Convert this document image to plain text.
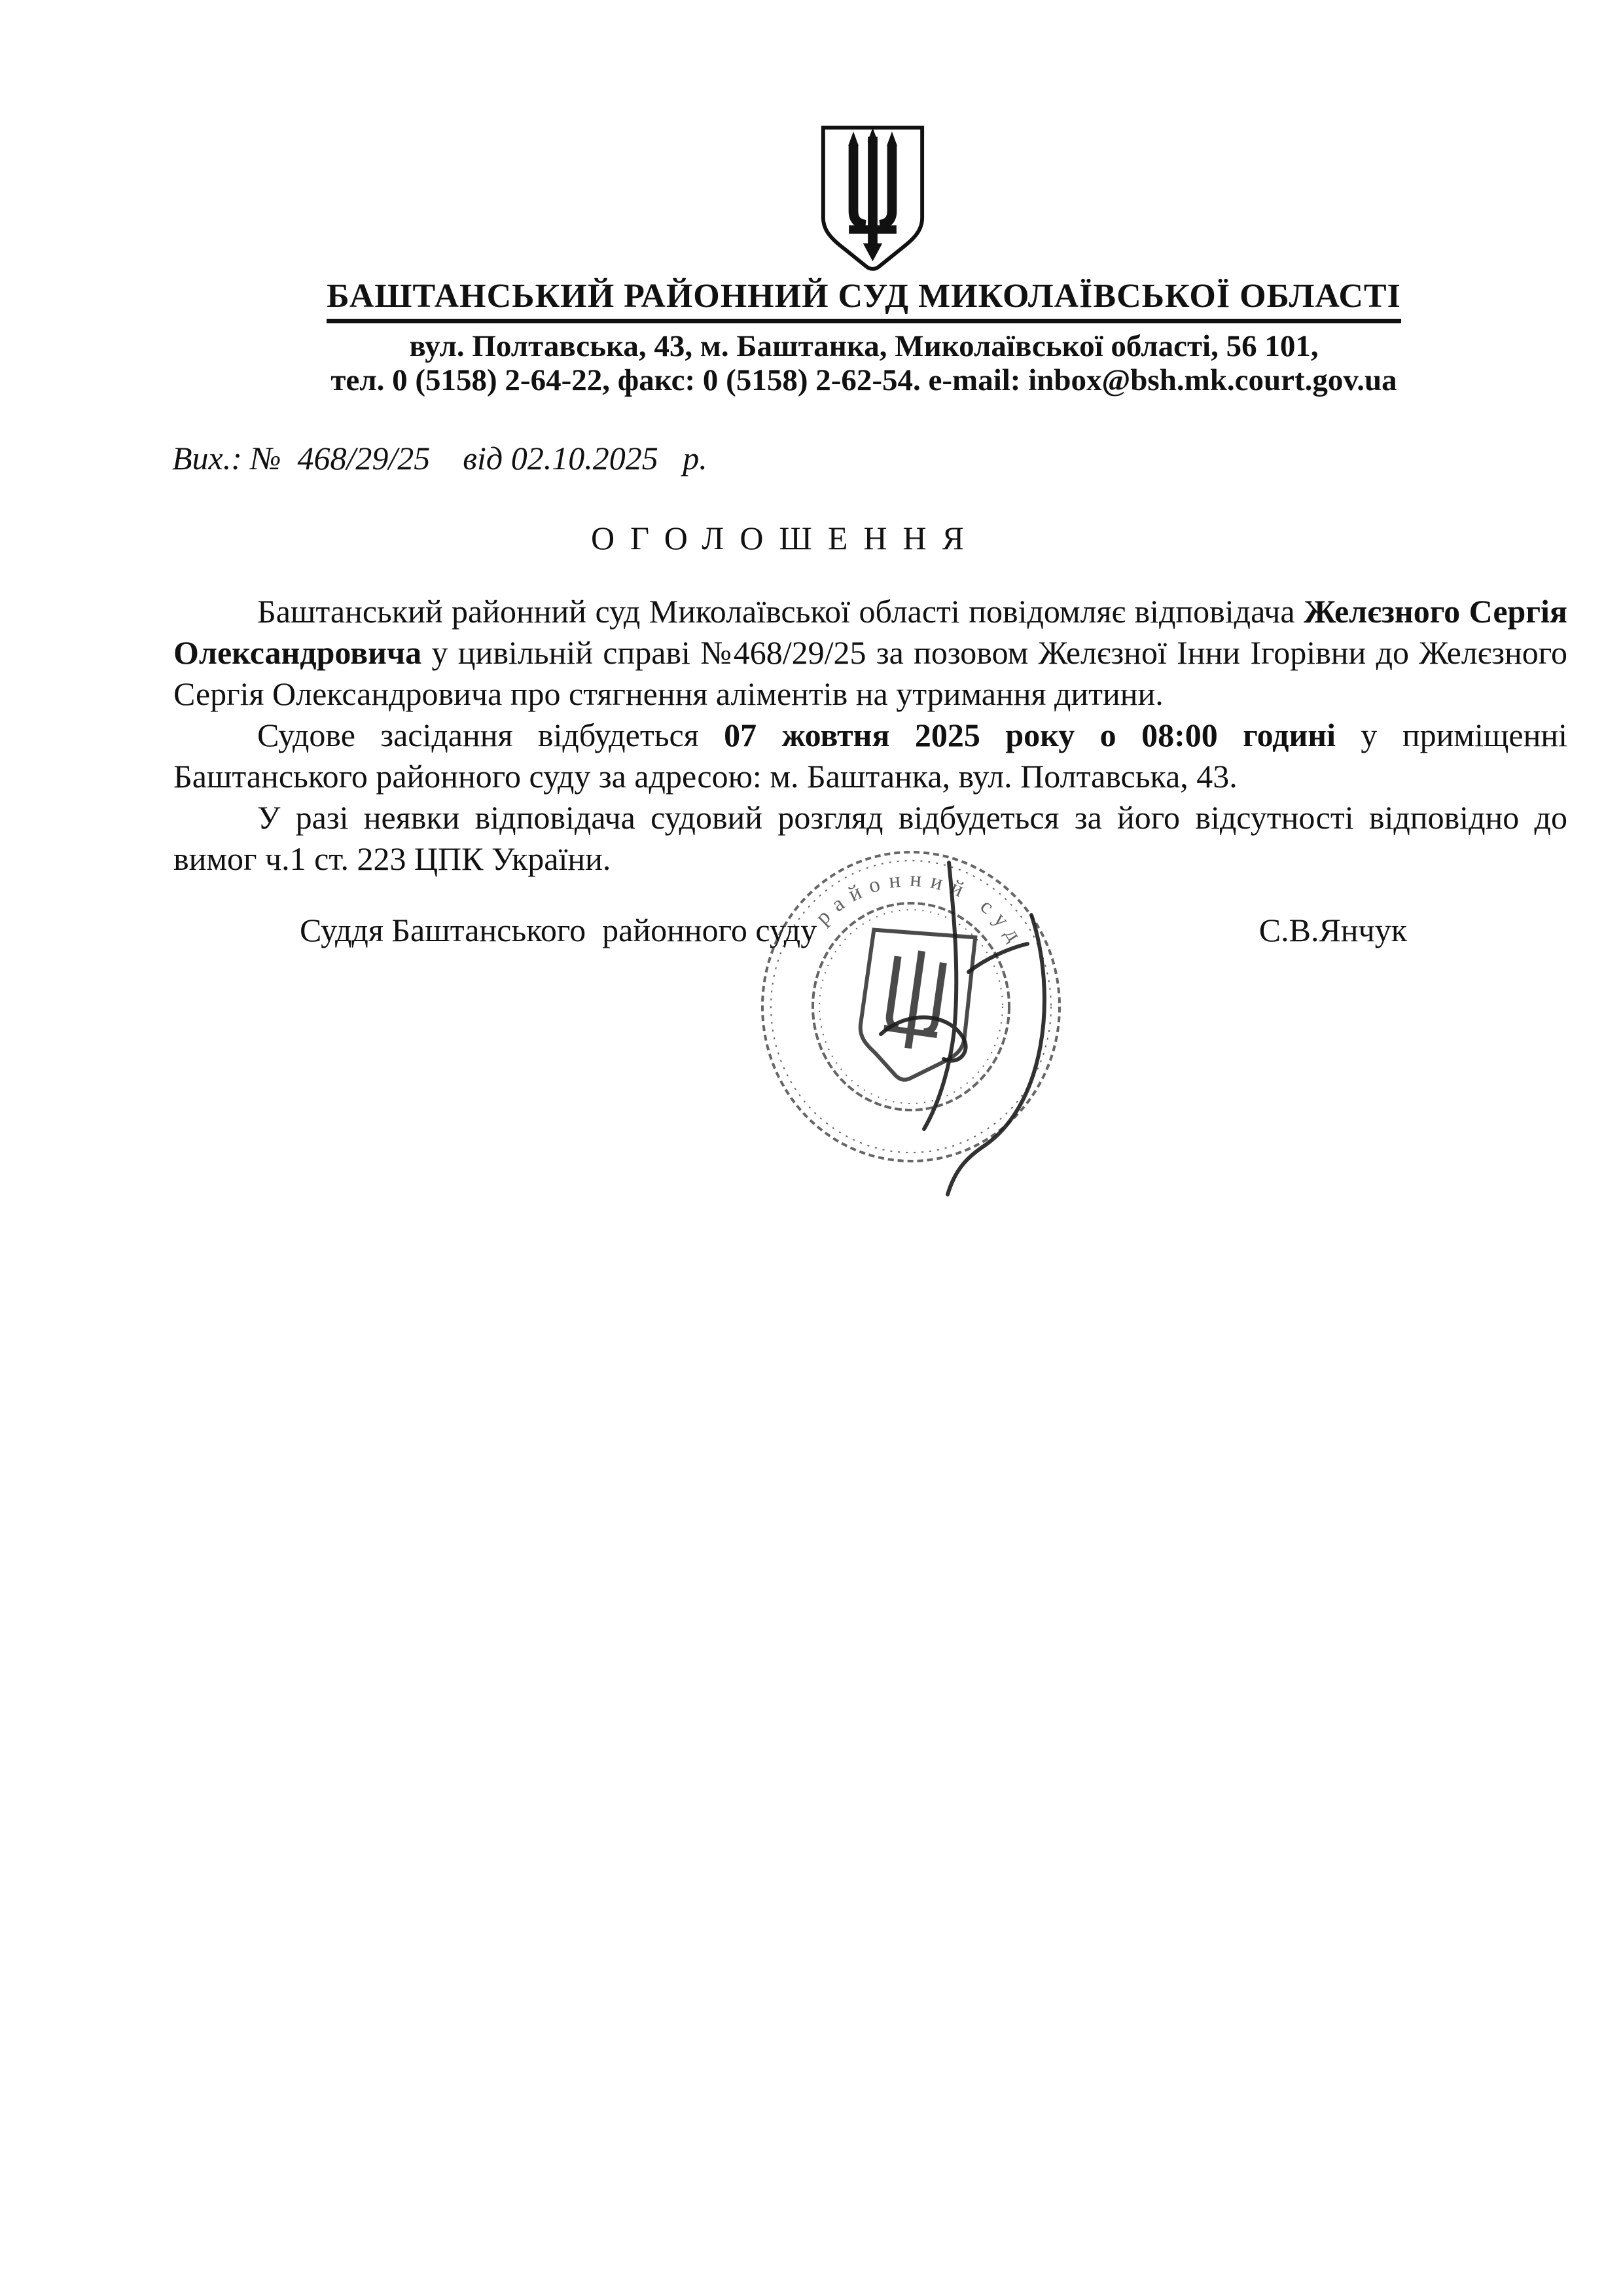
БАШТАНСЬКИЙ РАЙОННИЙ СУД МИКОЛАЇВСЬКОЇ ОБЛАСТІ
вул. Полтавська, 43, м. Баштанка, Миколаївської області, 56 101,
тел. 0 (5158) 2-64-22, факс: 0 (5158) 2-62-54. e-mail: inbox@bsh.mk.court.gov.ua
Вих.: №  468/29/25    від 02.10.2025   р.
ОГОЛОШЕННЯ

Баштанський районний суд Миколаївської області повідомляє відповідача Желєзного Сергія Олександровича у цивільній справі №468/29/25 за позовом Желєзної Інни Ігорівни до Желєзного Сергія Олександровича про стягнення аліментів на утримання дитини.

Судове засідання відбудеться 07 жовтня 2025 року о 08:00 годині у приміщенні Баштанського районного суду за адресою: м. Баштанка, вул. Полтавська, 43.

У разі неявки відповідача судовий розгляд відбудеться за його відсутності відповідно до вимог ч.1 ст. 223 ЦПК України.

Суддя Баштанського  районного суду	С.В.Янчук
районний суд
